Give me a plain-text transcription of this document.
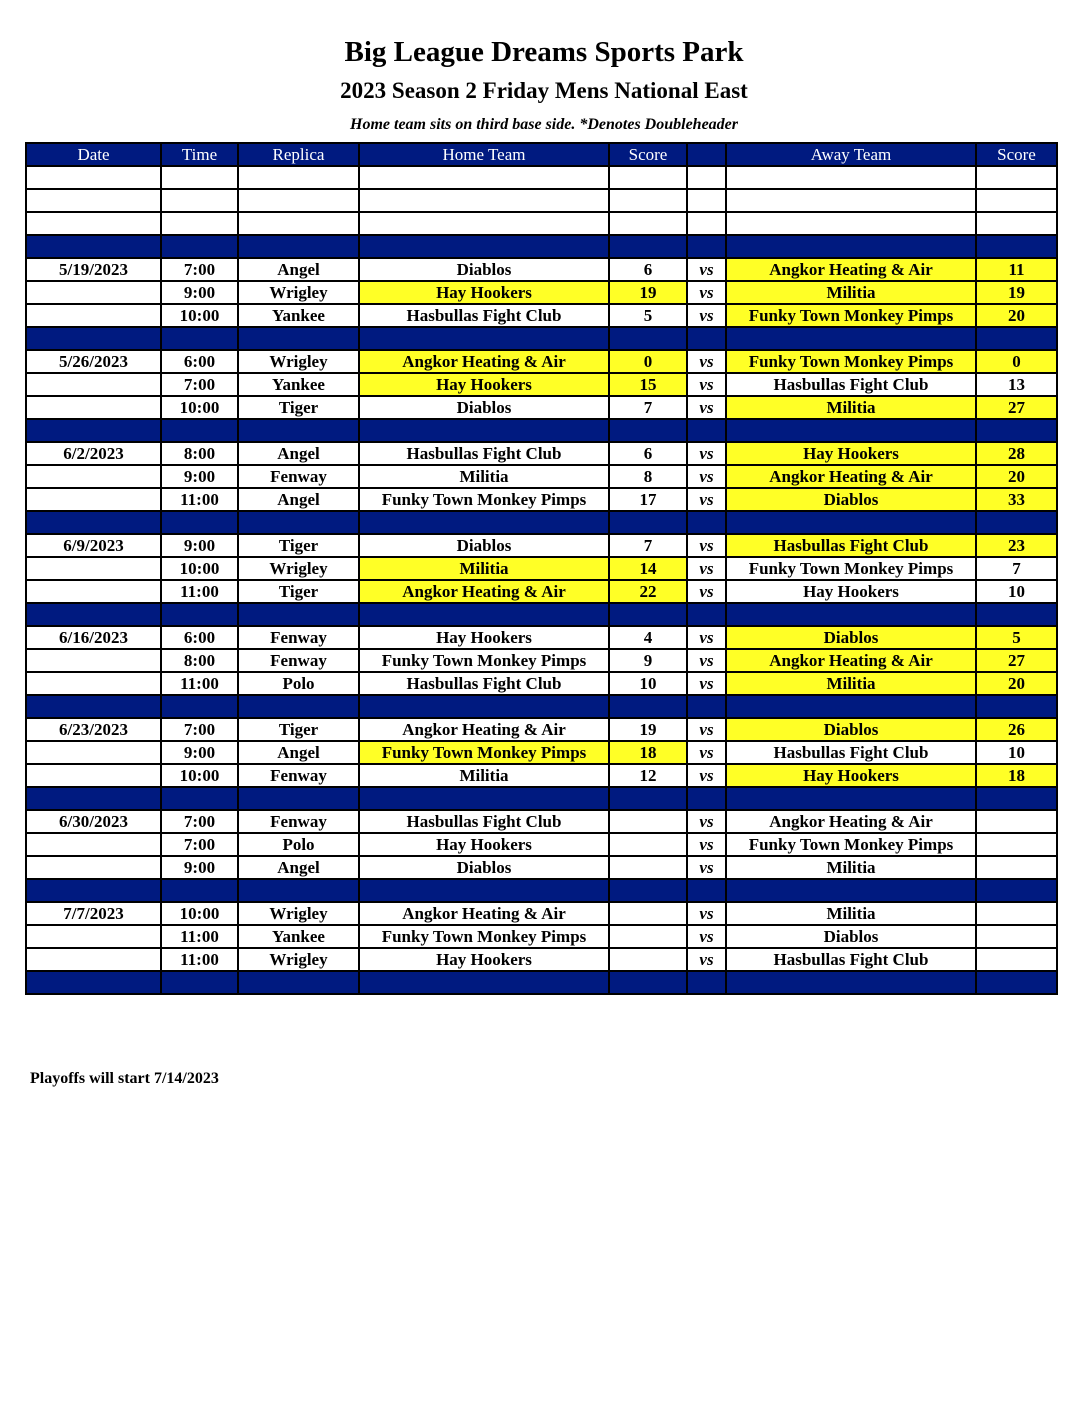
Big League Dreams Sports Park
2023 Season 2 Friday Mens National East
Home team sits on third base side. *Denotes Doubleheader
Date	Time	Replica	Home Team	Score		Away Team	Score

5/19/2023	7:00	Angel	Diablos	6	vs	Angkor Heating & Air	11
	9:00	Wrigley	Hay Hookers	19	vs	Militia	19
	10:00	Yankee	Hasbullas Fight Club	5	vs	Funky Town Monkey Pimps	20

5/26/2023	6:00	Wrigley	Angkor Heating & Air	0	vs	Funky Town Monkey Pimps	0
	7:00	Yankee	Hay Hookers	15	vs	Hasbullas Fight Club	13
	10:00	Tiger	Diablos	7	vs	Militia	27

6/2/2023	8:00	Angel	Hasbullas Fight Club	6	vs	Hay Hookers	28
	9:00	Fenway	Militia	8	vs	Angkor Heating & Air	20
	11:00	Angel	Funky Town Monkey Pimps	17	vs	Diablos	33

6/9/2023	9:00	Tiger	Diablos	7	vs	Hasbullas Fight Club	23
	10:00	Wrigley	Militia	14	vs	Funky Town Monkey Pimps	7
	11:00	Tiger	Angkor Heating & Air	22	vs	Hay Hookers	10

6/16/2023	6:00	Fenway	Hay Hookers	4	vs	Diablos	5
	8:00	Fenway	Funky Town Monkey Pimps	9	vs	Angkor Heating & Air	27
	11:00	Polo	Hasbullas Fight Club	10	vs	Militia	20

6/23/2023	7:00	Tiger	Angkor Heating & Air	19	vs	Diablos	26
	9:00	Angel	Funky Town Monkey Pimps	18	vs	Hasbullas Fight Club	10
	10:00	Fenway	Militia	12	vs	Hay Hookers	18

6/30/2023	7:00	Fenway	Hasbullas Fight Club		vs	Angkor Heating & Air	
	7:00	Polo	Hay Hookers		vs	Funky Town Monkey Pimps	
	9:00	Angel	Diablos		vs	Militia	

7/7/2023	10:00	Wrigley	Angkor Heating & Air		vs	Militia	
	11:00	Yankee	Funky Town Monkey Pimps		vs	Diablos	
	11:00	Wrigley	Hay Hookers		vs	Hasbullas Fight Club	

Playoffs will start 7/14/2023
